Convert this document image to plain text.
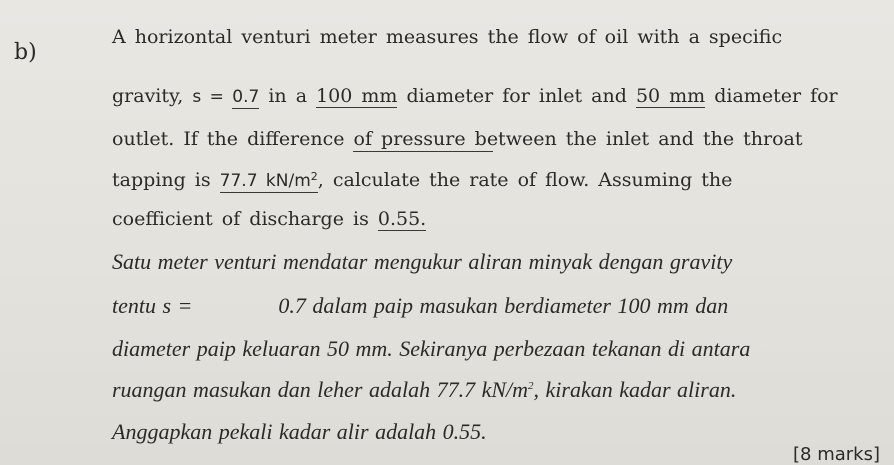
b)
A horizontal venturi meter measures the flow of oil with a specific
gravity, s = 0.7 in a 100 mm diameter for inlet and 50 mm diameter for
outlet. If the difference of pressure between the inlet and the throat
tapping is 77.7 $kN/m^2$, calculate the rate of flow. Assuming the
coefficient of discharge is 0.55.
Satu meter venturi mendatar mengukur aliran minyak dengan gravity
tentu s =	0.7 dalam paip masukan berdiameter 100 mm dan
diameter paip keluaran 50 mm. Sekiranya perbezaan tekanan di antara
ruangan masukan dan leher adalah 77.7 $kN/m^2$, kirakan kadar aliran.
Anggapkan pekali kadar alir adalah 0.55.
[8 marks]
